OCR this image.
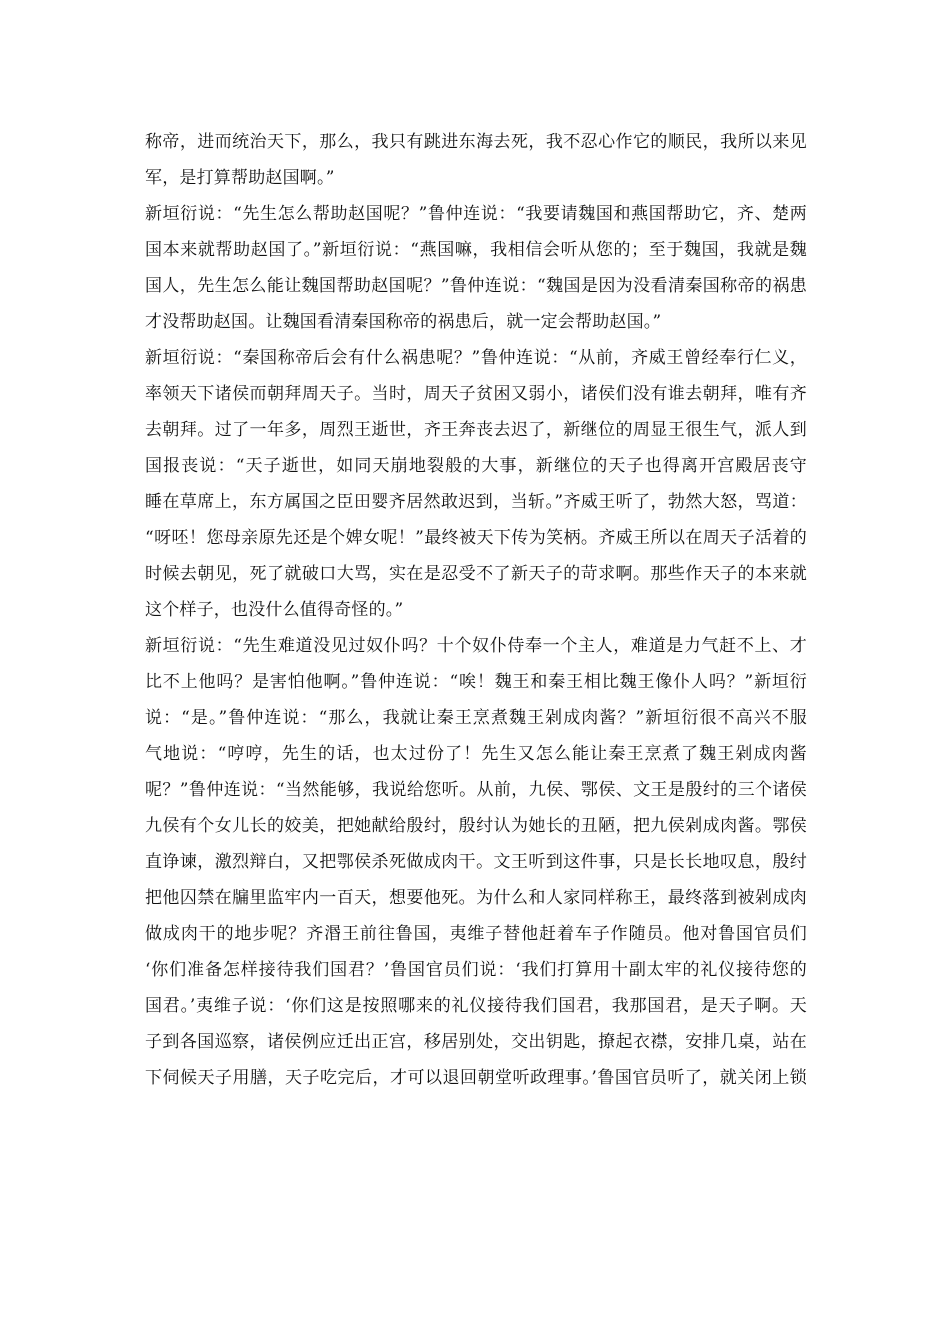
称帝，进而统治天下，那么，我只有跳进东海去死，我不忍心作它的顺民，我所以来见
军，是打算帮助赵国啊。”
新垣衍说：“先生怎么帮助赵国呢？”鲁仲连说：“我要请魏国和燕国帮助它，齐、楚两
国本来就帮助赵国了。”新垣衍说：“燕国嘛，我相信会听从您的；至于魏国，我就是魏
国人，先生怎么能让魏国帮助赵国呢？”鲁仲连说：“魏国是因为没看清秦国称帝的祸患
才没帮助赵国。让魏国看清秦国称帝的祸患后，就一定会帮助赵国。”
新垣衍说：“秦国称帝后会有什么祸患呢？”鲁仲连说：“从前，齐威王曾经奉行仁义，
率领天下诸侯而朝拜周天子。当时，周天子贫困又弱小，诸侯们没有谁去朝拜，唯有齐
去朝拜。过了一年多，周烈王逝世，齐王奔丧去迟了，新继位的周显王很生气，派人到
国报丧说：“天子逝世，如同天崩地裂般的大事，新继位的天子也得离开宫殿居丧守
睡在草席上，东方属国之臣田婴齐居然敢迟到，当斩。”齐威王听了，勃然大怒，骂道：
“呀呸！您母亲原先还是个婢女呢！”最终被天下传为笑柄。齐威王所以在周天子活着的
时候去朝见，死了就破口大骂，实在是忍受不了新天子的苛求啊。那些作天子的本来就
这个样子，也没什么值得奇怪的。”
新垣衍说：“先生难道没见过奴仆吗？十个奴仆侍奉一个主人，难道是力气赶不上、才
比不上他吗？是害怕他啊。”鲁仲连说：“唉！魏王和秦王相比魏王像仆人吗？”新垣衍
说：“是。”鲁仲连说：“那么，我就让秦王烹煮魏王剁成肉酱？”新垣衍很不高兴不服
气地说：“哼哼，先生的话，也太过份了！先生又怎么能让秦王烹煮了魏王剁成肉酱
呢？”鲁仲连说：“当然能够，我说给您听。从前，九侯、鄂侯、文王是殷纣的三个诸侯
九侯有个女儿长的姣美，把她献给殷纣，殷纣认为她长的丑陋，把九侯剁成肉酱。鄂侯
直诤谏，激烈辩白，又把鄂侯杀死做成肉干。文王听到这件事，只是长长地叹息，殷纣
把他囚禁在牖里监牢内一百天，想要他死。为什么和人家同样称王，最终落到被剁成肉
做成肉干的地步呢？齐湣王前往鲁国，夷维子替他赶着车子作随员。他对鲁国官员们
‘你们准备怎样接待我们国君？’鲁国官员们说：‘我们打算用十副太牢的礼仪接待您的
国君。’夷维子说：‘你们这是按照哪来的礼仪接待我们国君，我那国君，是天子啊。天
子到各国巡察，诸侯例应迁出正宫，移居别处，交出钥匙，撩起衣襟，安排几桌，站在
下伺候天子用膳，天子吃完后，才可以退回朝堂听政理事。’鲁国官员听了，就关闭上锁
